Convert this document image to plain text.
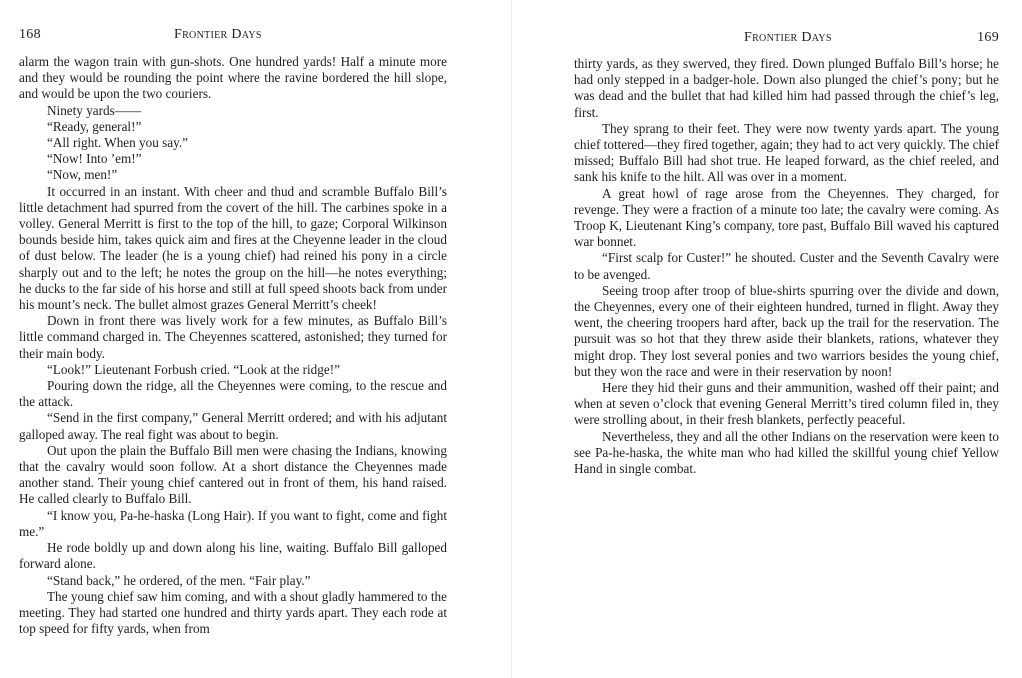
168	Frontier Days

alarm the wagon train with gun-shots. One hundred yards! Half a minute more and they would be rounding the point where the ravine bordered the hill slope, and would be upon the two couriers.

Ninety yards——

“Ready, general!”

“All right. When you say.”

“Now! Into ’em!”

“Now, men!”

It occurred in an instant. With cheer and thud and scramble Buffalo Bill’s little detachment had spurred from the covert of the hill. The carbines spoke in a volley. General Merritt is first to the top of the hill, to gaze; Corporal Wilkinson bounds beside him, takes quick aim and fires at the Cheyenne leader in the cloud of dust below. The leader (he is a young chief) had reined his pony in a circle sharply out and to the left; he notes the group on the hill—he notes everything; he ducks to the far side of his horse and still at full speed shoots back from under his mount’s neck. The bullet almost grazes General Merritt’s cheek!

Down in front there was lively work for a few minutes, as Buffalo Bill’s little command charged in. The Cheyennes scattered, astonished; they turned for their main body.

“Look!” Lieutenant Forbush cried. “Look at the ridge!”

Pouring down the ridge, all the Cheyennes were coming, to the rescue and the attack.

“Send in the first company,” General Merritt ordered; and with his adjutant galloped away. The real fight was about to begin.

Out upon the plain the Buffalo Bill men were chasing the Indians, knowing that the cavalry would soon follow. At a short distance the Cheyennes made another stand. Their young chief cantered out in front of them, his hand raised. He called clearly to Buffalo Bill.

“I know you, Pa-he-haska (Long Hair). If you want to fight, come and fight me.”

He rode boldly up and down along his line, waiting. Buffalo Bill galloped forward alone.

“Stand back,” he ordered, of the men. “Fair play.”

The young chief saw him coming, and with a shout gladly hammered to the meeting. They had started one hundred and thirty yards apart. They each rode at top speed for fifty yards, when from

Frontier Days	169

thirty yards, as they swerved, they fired. Down plunged Buffalo Bill’s horse; he had only stepped in a badger-hole. Down also plunged the chief’s pony; but he was dead and the bullet that had killed him had passed through the chief’s leg, first.

They sprang to their feet. They were now twenty yards apart. The young chief tottered—they fired together, again; they had to act very quickly. The chief missed; Buffalo Bill had shot true. He leaped forward, as the chief reeled, and sank his knife to the hilt. All was over in a moment.

A great howl of rage arose from the Cheyennes. They charged, for revenge. They were a fraction of a minute too late; the cavalry were coming. As Troop K, Lieutenant King’s company, tore past, Buffalo Bill waved his captured war bonnet.

“First scalp for Custer!” he shouted. Custer and the Seventh Cavalry were to be avenged.

Seeing troop after troop of blue-shirts spurring over the divide and down, the Cheyennes, every one of their eighteen hundred, turned in flight. Away they went, the cheering troopers hard after, back up the trail for the reservation. The pursuit was so hot that they threw aside their blankets, rations, whatever they might drop. They lost several ponies and two warriors besides the young chief, but they won the race and were in their reservation by noon!

Here they hid their guns and their ammunition, washed off their paint; and when at seven o’clock that evening General Merritt’s tired column filed in, they were strolling about, in their fresh blankets, perfectly peaceful.

Nevertheless, they and all the other Indians on the reservation were keen to see Pa-he-haska, the white man who had killed the skillful young chief Yellow Hand in single combat.
